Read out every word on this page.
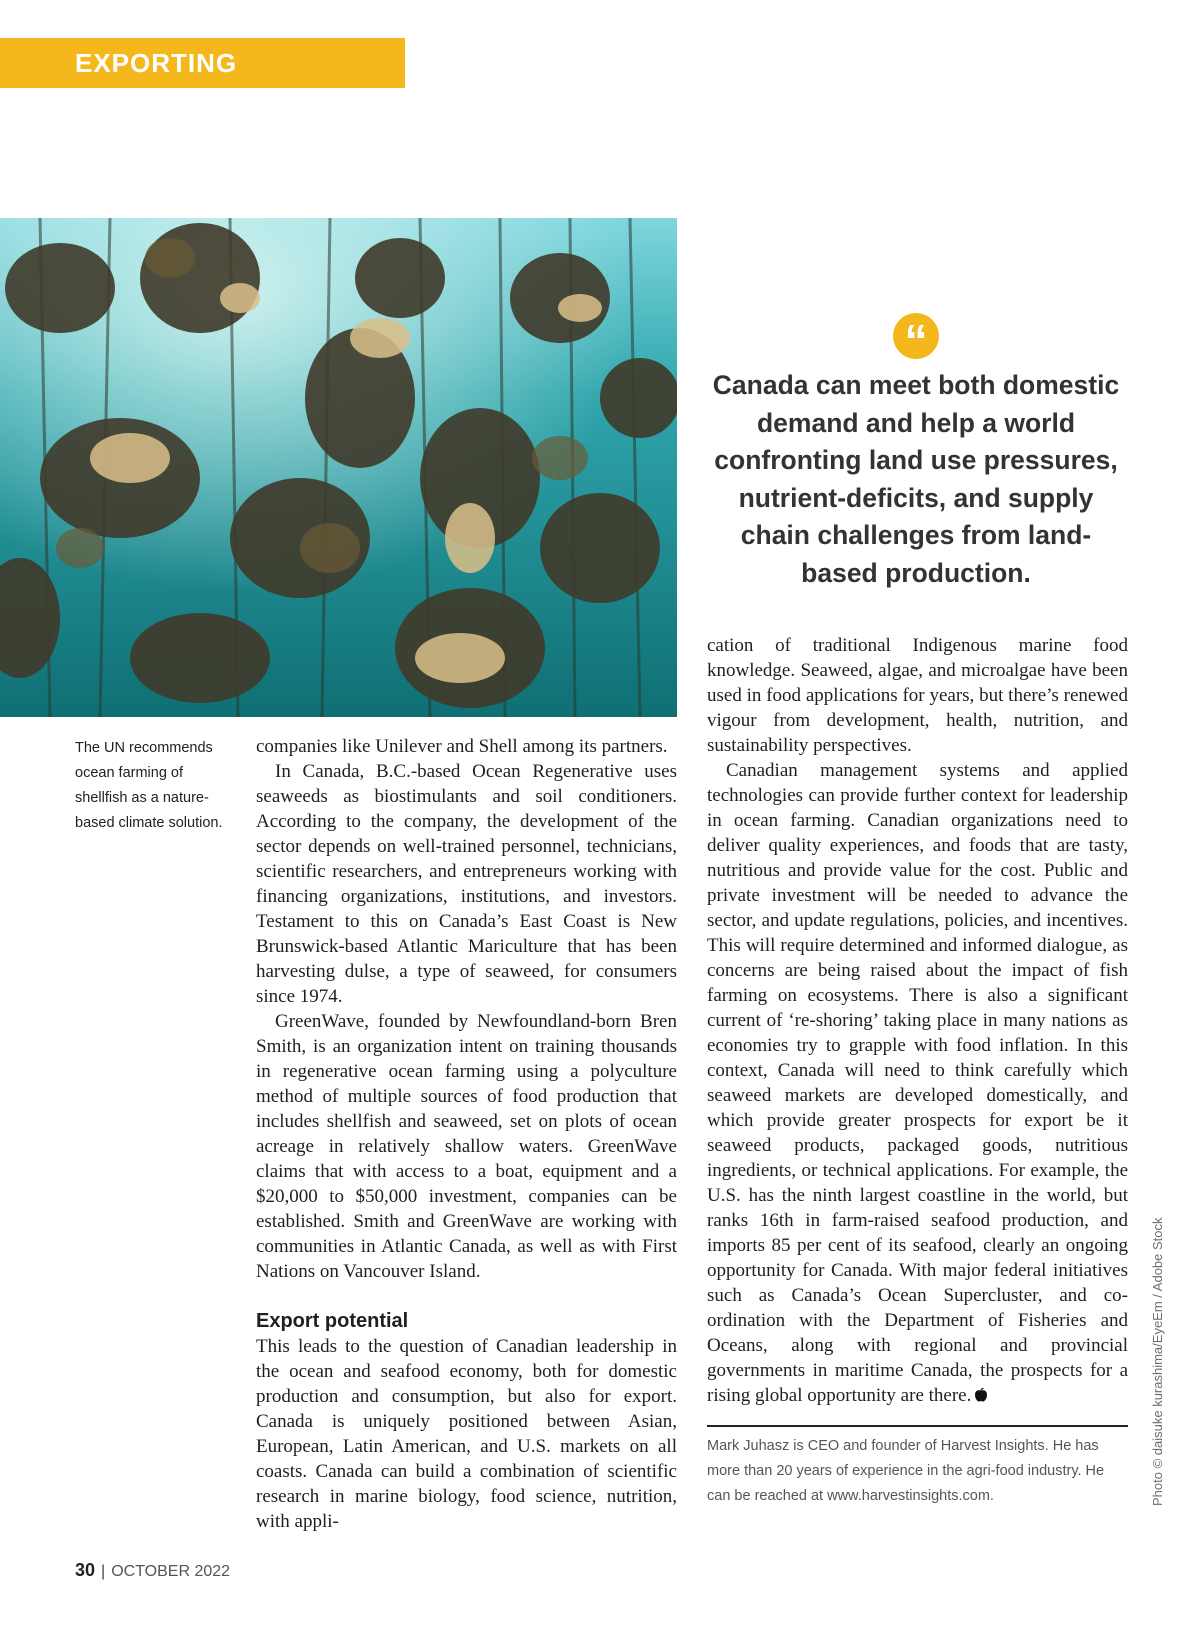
EXPORTING
“
Canada can meet both domestic demand and help a world confronting land use pressures, nutrient-deficits, and supply chain challenges from land-based production.
The UN recommends ocean farming of shellfish as a nature-based climate solution.

companies like Unilever and Shell among its partners.

In Canada, B.C.-based Ocean Regenerative uses seaweeds as biostimulants and soil conditioners. According to the company, the development of the sector depends on well-trained personnel, technicians, scientific researchers, and entrepreneurs working with financing organizations, institutions, and investors. Testament to this on Canada’s East Coast is New Brunswick-based Atlantic Mariculture that has been harvesting dulse, a type of seaweed, for consumers since 1974.

GreenWave, founded by Newfoundland-born Bren Smith, is an organization intent on training thousands in regenerative ocean farming using a polyculture method of multiple sources of food production that includes shellfish and seaweed, set on plots of ocean acreage in relatively shallow waters. GreenWave claims that with access to a boat, equipment and a $20,000 to $50,000 investment, companies can be established. Smith and GreenWave are working with communities in Atlantic Canada, as well as with First Nations on Vancouver Island.

Export potential

This leads to the question of Canadian leadership in the ocean and seafood economy, both for domestic production and consumption, but also for export. Canada is uniquely positioned between Asian, European, Latin American, and U.S. markets on all coasts. Canada can build a combination of scientific research in marine biology, food science, nutrition, with appli-

cation of traditional Indigenous marine food knowledge. Seaweed, algae, and microalgae have been used in food applications for years, but there’s renewed vigour from development, health, nutrition, and sustainability perspectives.

Canadian management systems and applied technologies can provide further context for leadership in ocean farming. Canadian organizations need to deliver quality experiences, and foods that are tasty, nutritious and provide value for the cost. Public and private investment will be needed to advance the sector, and update regulations, policies, and incentives. This will require determined and informed dialogue, as concerns are being raised about the impact of fish farming on ecosystems. There is also a significant current of ‘re-shoring’ taking place in many nations as economies try to grapple with food inflation. In this context, Canada will need to think carefully which seaweed markets are developed domestically, and which provide greater prospects for export be it seaweed products, packaged goods, nutritious ingredients, or technical applications. For example, the U.S. has the ninth largest coastline in the world, but ranks 16th in farm-raised seafood production, and imports 85 per cent of its seafood, clearly an ongoing opportunity for Canada. With major federal initiatives such as Canada’s Ocean Supercluster, and co-ordination with the Department of Fisheries and Oceans, along with regional and provincial governments in maritime Canada, the prospects for a rising global opportunity are there.

Mark Juhasz is CEO and founder of Harvest Insights. He has more than 20 years of experience in the agri-food industry. He can be reached at www.harvestinsights.com.	Photo © daisuke kurashima/EyeEm / Adobe Stock
30 | OCTOBER 2022
